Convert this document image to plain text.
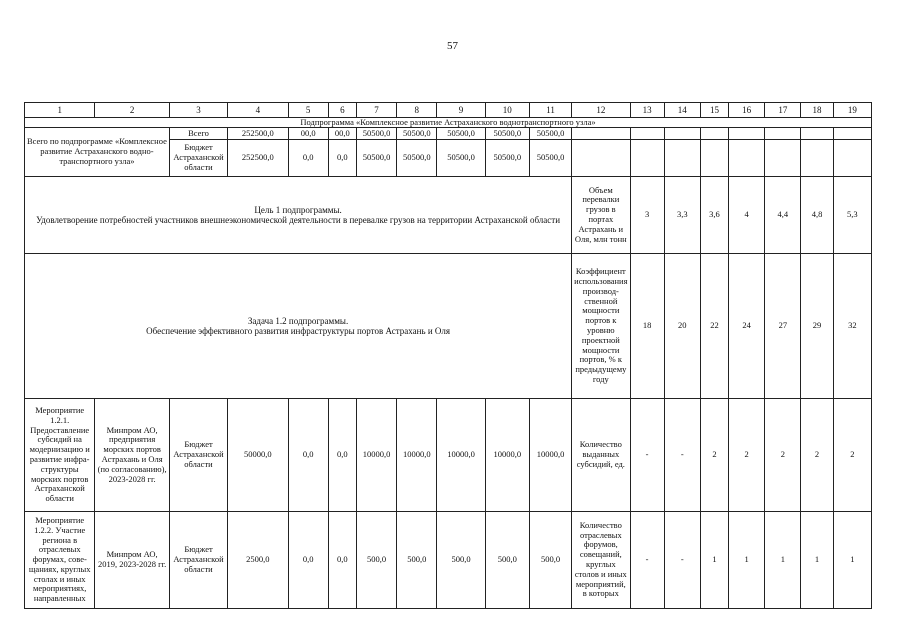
57
1	2	3	4	5	6	7	8	9	10	11	12	13	14	15	16	17	18	19
Подпрограмма «Комплексное развитие Астраханского воднотранспортного узла»																		
Всего по подпрограмме «Комплексное развитие Астраханского воднотранспортного узла»		Всего	252500,0	00,0	00,0	50500,0	50500,0	50500,0	50500,0	50500,0								
		Бюджет Астраханской области	252500,0	0,0	0,0	50500,0	50500,0	50500,0	50500,0	50500,0								
Цель 1 подпрограммы.
Удовлетворение потребностей участников внешнеэкономической деятельности в перевалке грузов на территории Астраханской области											Объем перевалки грузов в портах Астрахань и Оля, млн тонн	3	3,3	3,6	4	4,4	4,8	5,3
Задача 1.2 подпрограммы.
Обеспечение эффективного развития инфраструктуры портов Астрахань и Оля											Коэффициент использования производственной мощности портов к уровню проектной мощности портов, % к предыдущему году	18	20	22	24	27	29	32
Мероприятие 1.2.1. Предоставление субсидий на модернизацию и развитие инфраструктуры морских портов Астраханской области	Минпром АО, предприятия морских портов Астрахань и Оля (по согласованию), 2023-2028 гг.	Бюджет Астраханской области	50000,0	0,0	0,0	10000,0	10000,0	10000,0	10000,0	10000,0	Количество выданных субсидий, ед.	-	-	2	2	2	2	2
Мероприятие 1.2.2. Участие региона в отраслевых форумах, совещаниях, круглых столах и иных мероприятиях, направленных	Минпром АО, 2019, 2023-2028 гг.	Бюджет Астраханской области	2500,0	0,0	0,0	500,0	500,0	500,0	500,0	500,0	Количество отраслевых форумов, совещаний, круглых столов и иных мероприятий, в которых	-	-	1	1	1	1	1
